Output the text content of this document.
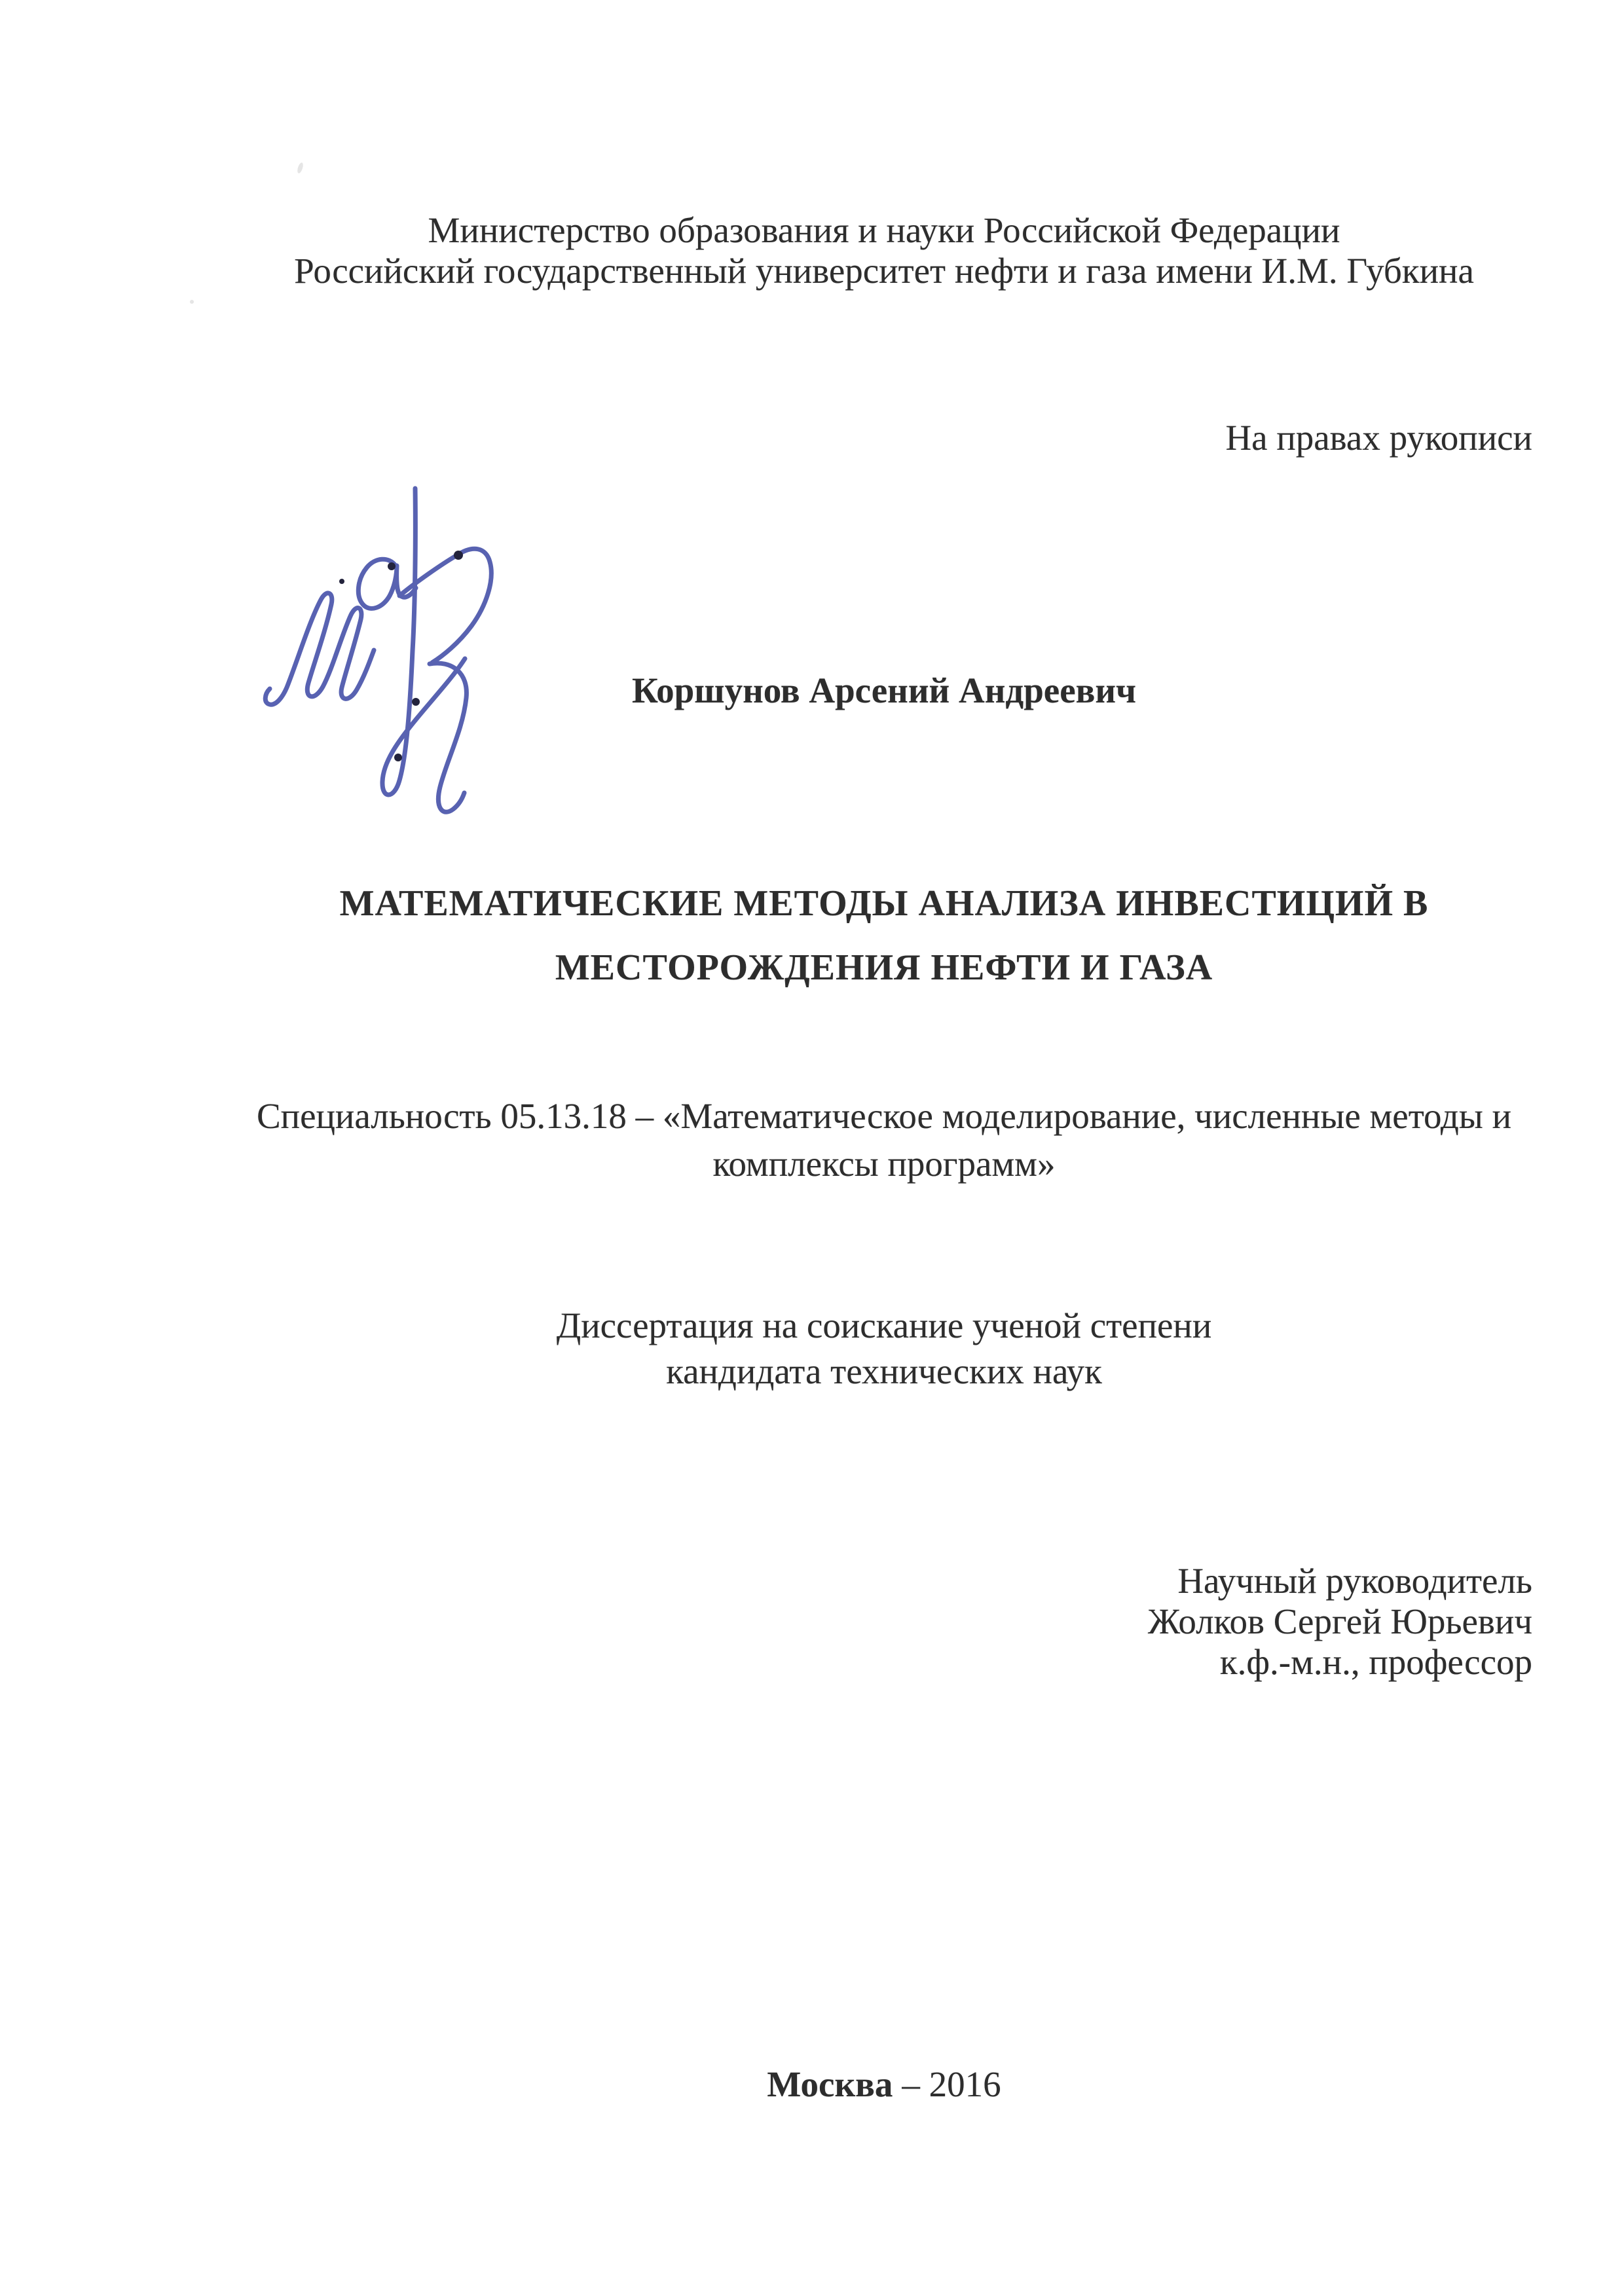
Министерство образования и науки Российской Федерации
Российский государственный университет нефти и газа имени И.М. Губкина
На правах рукописи
Коршунов Арсений Андреевич
МАТЕМАТИЧЕСКИЕ МЕТОДЫ АНАЛИЗА ИНВЕСТИЦИЙ В
МЕСТОРОЖДЕНИЯ НЕФТИ И ГАЗА
Специальность 05.13.18 – «Математическое моделирование, численные методы и
комплексы программ»
Диссертация на соискание ученой степени
кандидата технических наук
Научный руководитель
Жолков Сергей Юрьевич
к.ф.-м.н., профессор
Москва – 2016
